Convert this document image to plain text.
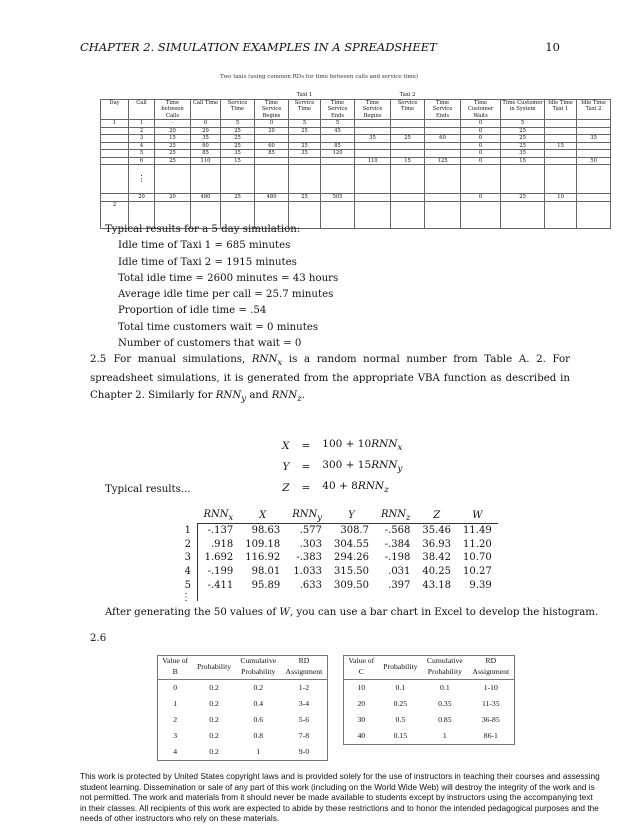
CHAPTER 2. SIMULATION EXAMPLES IN A SPREADSHEET	10
Two taxis (using common RDs for time between calls and service time)
					Taxi 1			Taxi 2						
Day	Call	Time between Calls	Call Time	Service Time	Time Service Begins	Service Time	Time Service Ends	Time Service Begins	Service Time	Time Service Ends	Time Customer Waits	Time Customer in System	Idle Time Taxi 1	Idle Time Taxi 2
1	1	-	0	5	0	5	5				0	5		
	2	20	20	25	20	25	45				0	25		
	3	15	35	25				35	25	60	0	25		35
	4	25	60	25	60	25	85				0	25	15	
	5	25	85	35	85	35	120				0	35		
	6	25	110	15				110	15	125	0	15		50
	⋮													
	20	20	480	25	480	25	505				0	25	10	
2														
Typical results for a 5 day simulation:
Idle time of Taxi 1 = 685 minutes
Idle time of Taxi 2 = 1915 minutes
Total idle time = 2600 minutes = 43 hours
Average idle time per call = 25.7 minutes
Proportion of idle time = .54
Total time customers wait = 0 minutes
Number of customers that wait = 0
2.5 For manual simulations, $RNN_x$ is a random normal number from Table A. 2. For spreadsheet simulations, it is generated from the appropriate VBA function as described in Chapter 2. Similarly for $RNN_y$ and $RNN_z$.
X	=	$100 + 10RNN_x$
Y	=	$300 + 15RNN_y$
Z	=	$40 + 8RNN_z$
Typical results...
	$RNN_x$	X	$RNN_y$	Y	$RNN_z$	Z	W
1	-.137	98.63	.577	308.7	-.568	35.46	11.49
2	.918	109.18	.303	304.55	-.384	36.93	11.20
3	1.692	116.92	-.383	294.26	-.198	38.42	10.70
4	-.199	98.01	1.033	315.50	.031	40.25	10.27
5	-.411	95.89	.633	309.50	.397	43.18	9.39
⋮							
After generating the 50 values of W, you can use a bar chart in Excel to develop the histogram.
2.6
Value of	Probability	Cumulative	RD
B		Probability	Assignment
0	0.2	0.2	1-2
1	0.2	0.4	3-4
2	0.2	0.6	5-6
3	0.2	0.8	7-8
4	0.2	1	9-0
Value of	Probability	Cumulative	RD
C		Probability	Assignment
10	0.1	0.1	1-10
20	0.25	0.35	11-35
30	0.5	0.85	36-85
40	0.15	1	86-1
This work is protected by United States copyright laws and is provided solely for the use of instructors in teaching their courses and assessing student learning. Dissemination or sale of any part of this work (including on the World Wide Web) will destroy the integrity of the work and is not permitted. The work and materials from it should never be made available to students except by instructors using the accompanying text in their classes. All recipients of this work are expected to abide by these restrictions and to honor the intended pedagogical purposes and the needs of other instructors who rely on these materials.
